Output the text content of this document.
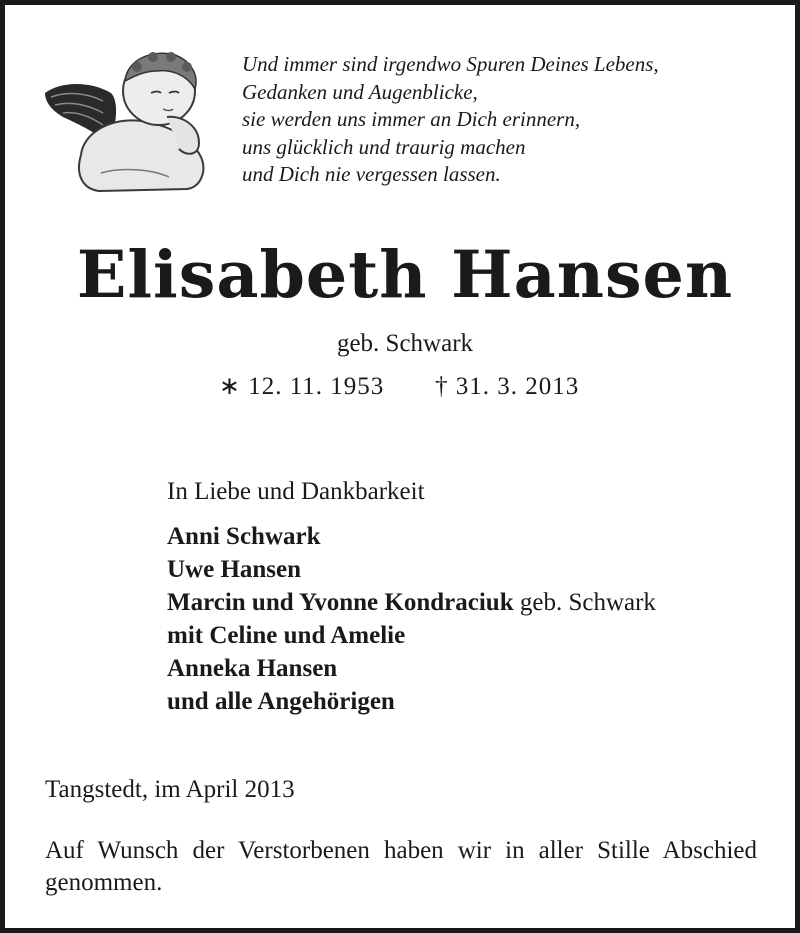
Und immer sind irgendwo Spuren Deines Lebens,
Gedanken und Augenblicke,
sie werden uns immer an Dich erinnern,
uns glücklich und traurig machen
und Dich nie vergessen lassen.
Elisabeth Hansen
geb. Schwark
∗ 12. 11. 1953 † 31. 3. 2013
In Liebe und Dankbarkeit
Anni Schwark
Uwe Hansen
Marcin und Yvonne Kondraciuk geb. Schwark
mit Celine und Amelie
Anneka Hansen
und alle Angehörigen
Tangstedt, im April 2013
Auf Wunsch der Verstorbenen haben wir in aller Stille Abschied genommen.
